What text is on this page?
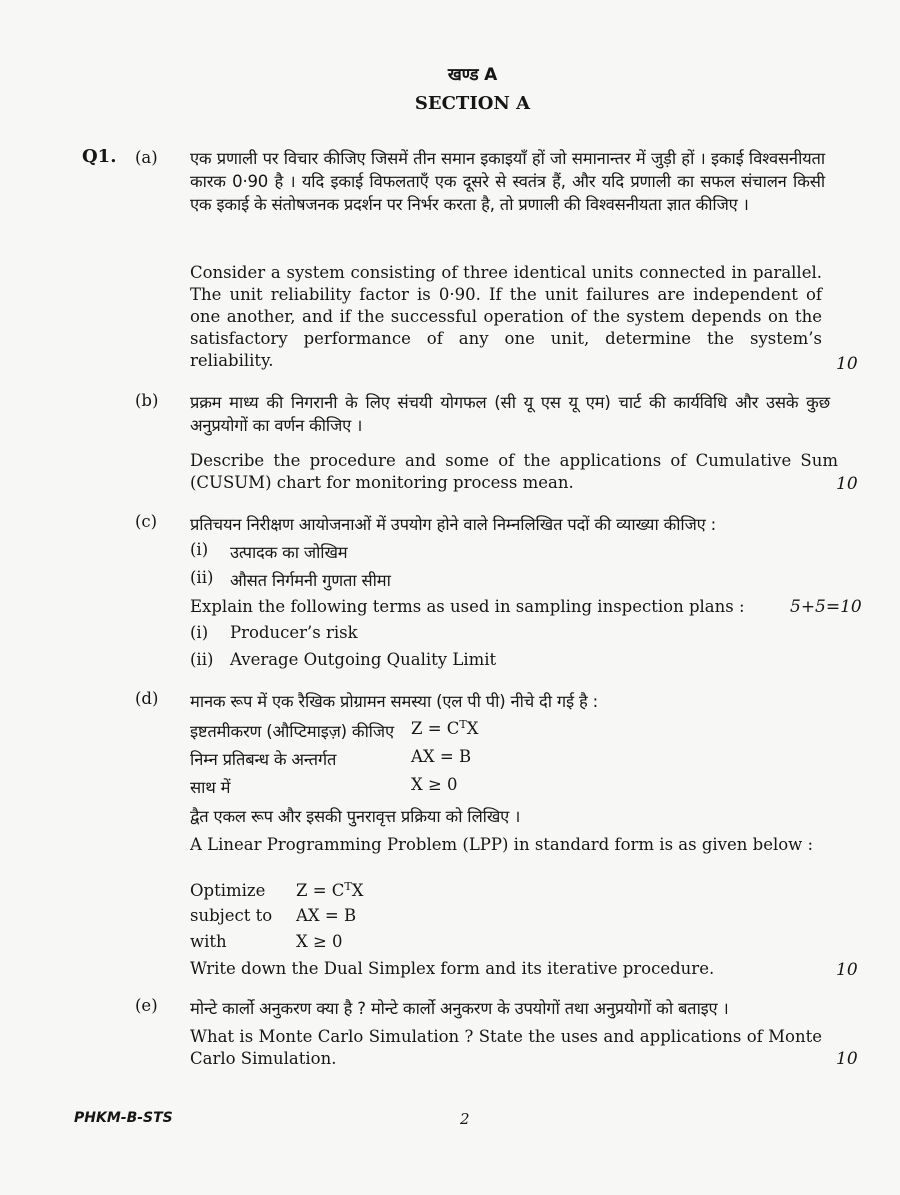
खण्ड A
SECTION A
Q1. (a) एक प्रणाली पर विचार कीजिए जिसमें तीन समान इकाइयाँ हों जो समानान्तर में जुड़ी हों । इकाई विश्वसनीयता कारक 0·90 है । यदि इकाई विफलताएँ एक दूसरे से स्वतंत्र हैं, और यदि प्रणाली का सफल संचालन किसी एक इकाई के संतोषजनक प्रदर्शन पर निर्भर करता है, तो प्रणाली की विश्वसनीयता ज्ञात कीजिए ।
Consider a system consisting of three identical units connected in parallel. The unit reliability factor is 0·90. If the unit failures are independent of one another, and if the successful operation of the system depends on the satisfactory performance of any one unit, determine the system’s reliability.	10
(b) प्रक्रम माध्य की निगरानी के लिए संचयी योगफल (सी यू एस यू एम) चार्ट की कार्यविधि और उसके कुछ अनुप्रयोगों का वर्णन कीजिए ।
Describe the procedure and some of the applications of Cumulative Sum (CUSUM) chart for monitoring process mean.	10
(c) प्रतिचयन निरीक्षण आयोजनाओं में उपयोग होने वाले निम्नलिखित पदों की व्याख्या कीजिए :
(i) उत्पादक का जोखिम
(ii) औसत निर्गमनी गुणता सीमा
Explain the following terms as used in sampling inspection plans :	5+5=10
(i) Producer’s risk
(ii) Average Outgoing Quality Limit
(d) मानक रूप में एक रैखिक प्रोग्रामन समस्या (एल पी पी) नीचे दी गई है :
इष्टतमीकरण (औप्टिमाइज़) कीजिए $Z = C^TX$
निम्न प्रतिबन्ध के अन्तर्गत	AX = B
साथ में	X ≥ 0
द्वैत एकल रूप और इसकी पुनरावृत्त प्रक्रिया को लिखिए ।
A Linear Programming Problem (LPP) in standard form is as given below :
Optimize $Z = C^TX$
subject to AX = B
with	X ≥ 0
Write down the Dual Simplex form and its iterative procedure.	10
(e) मोन्टे कार्लो अनुकरण क्या है ? मोन्टे कार्लो अनुकरण के उपयोगों तथा अनुप्रयोगों को बताइए ।
What is Monte Carlo Simulation ? State the uses and applications of Monte Carlo Simulation.	10
PHKM-B-STS	2
